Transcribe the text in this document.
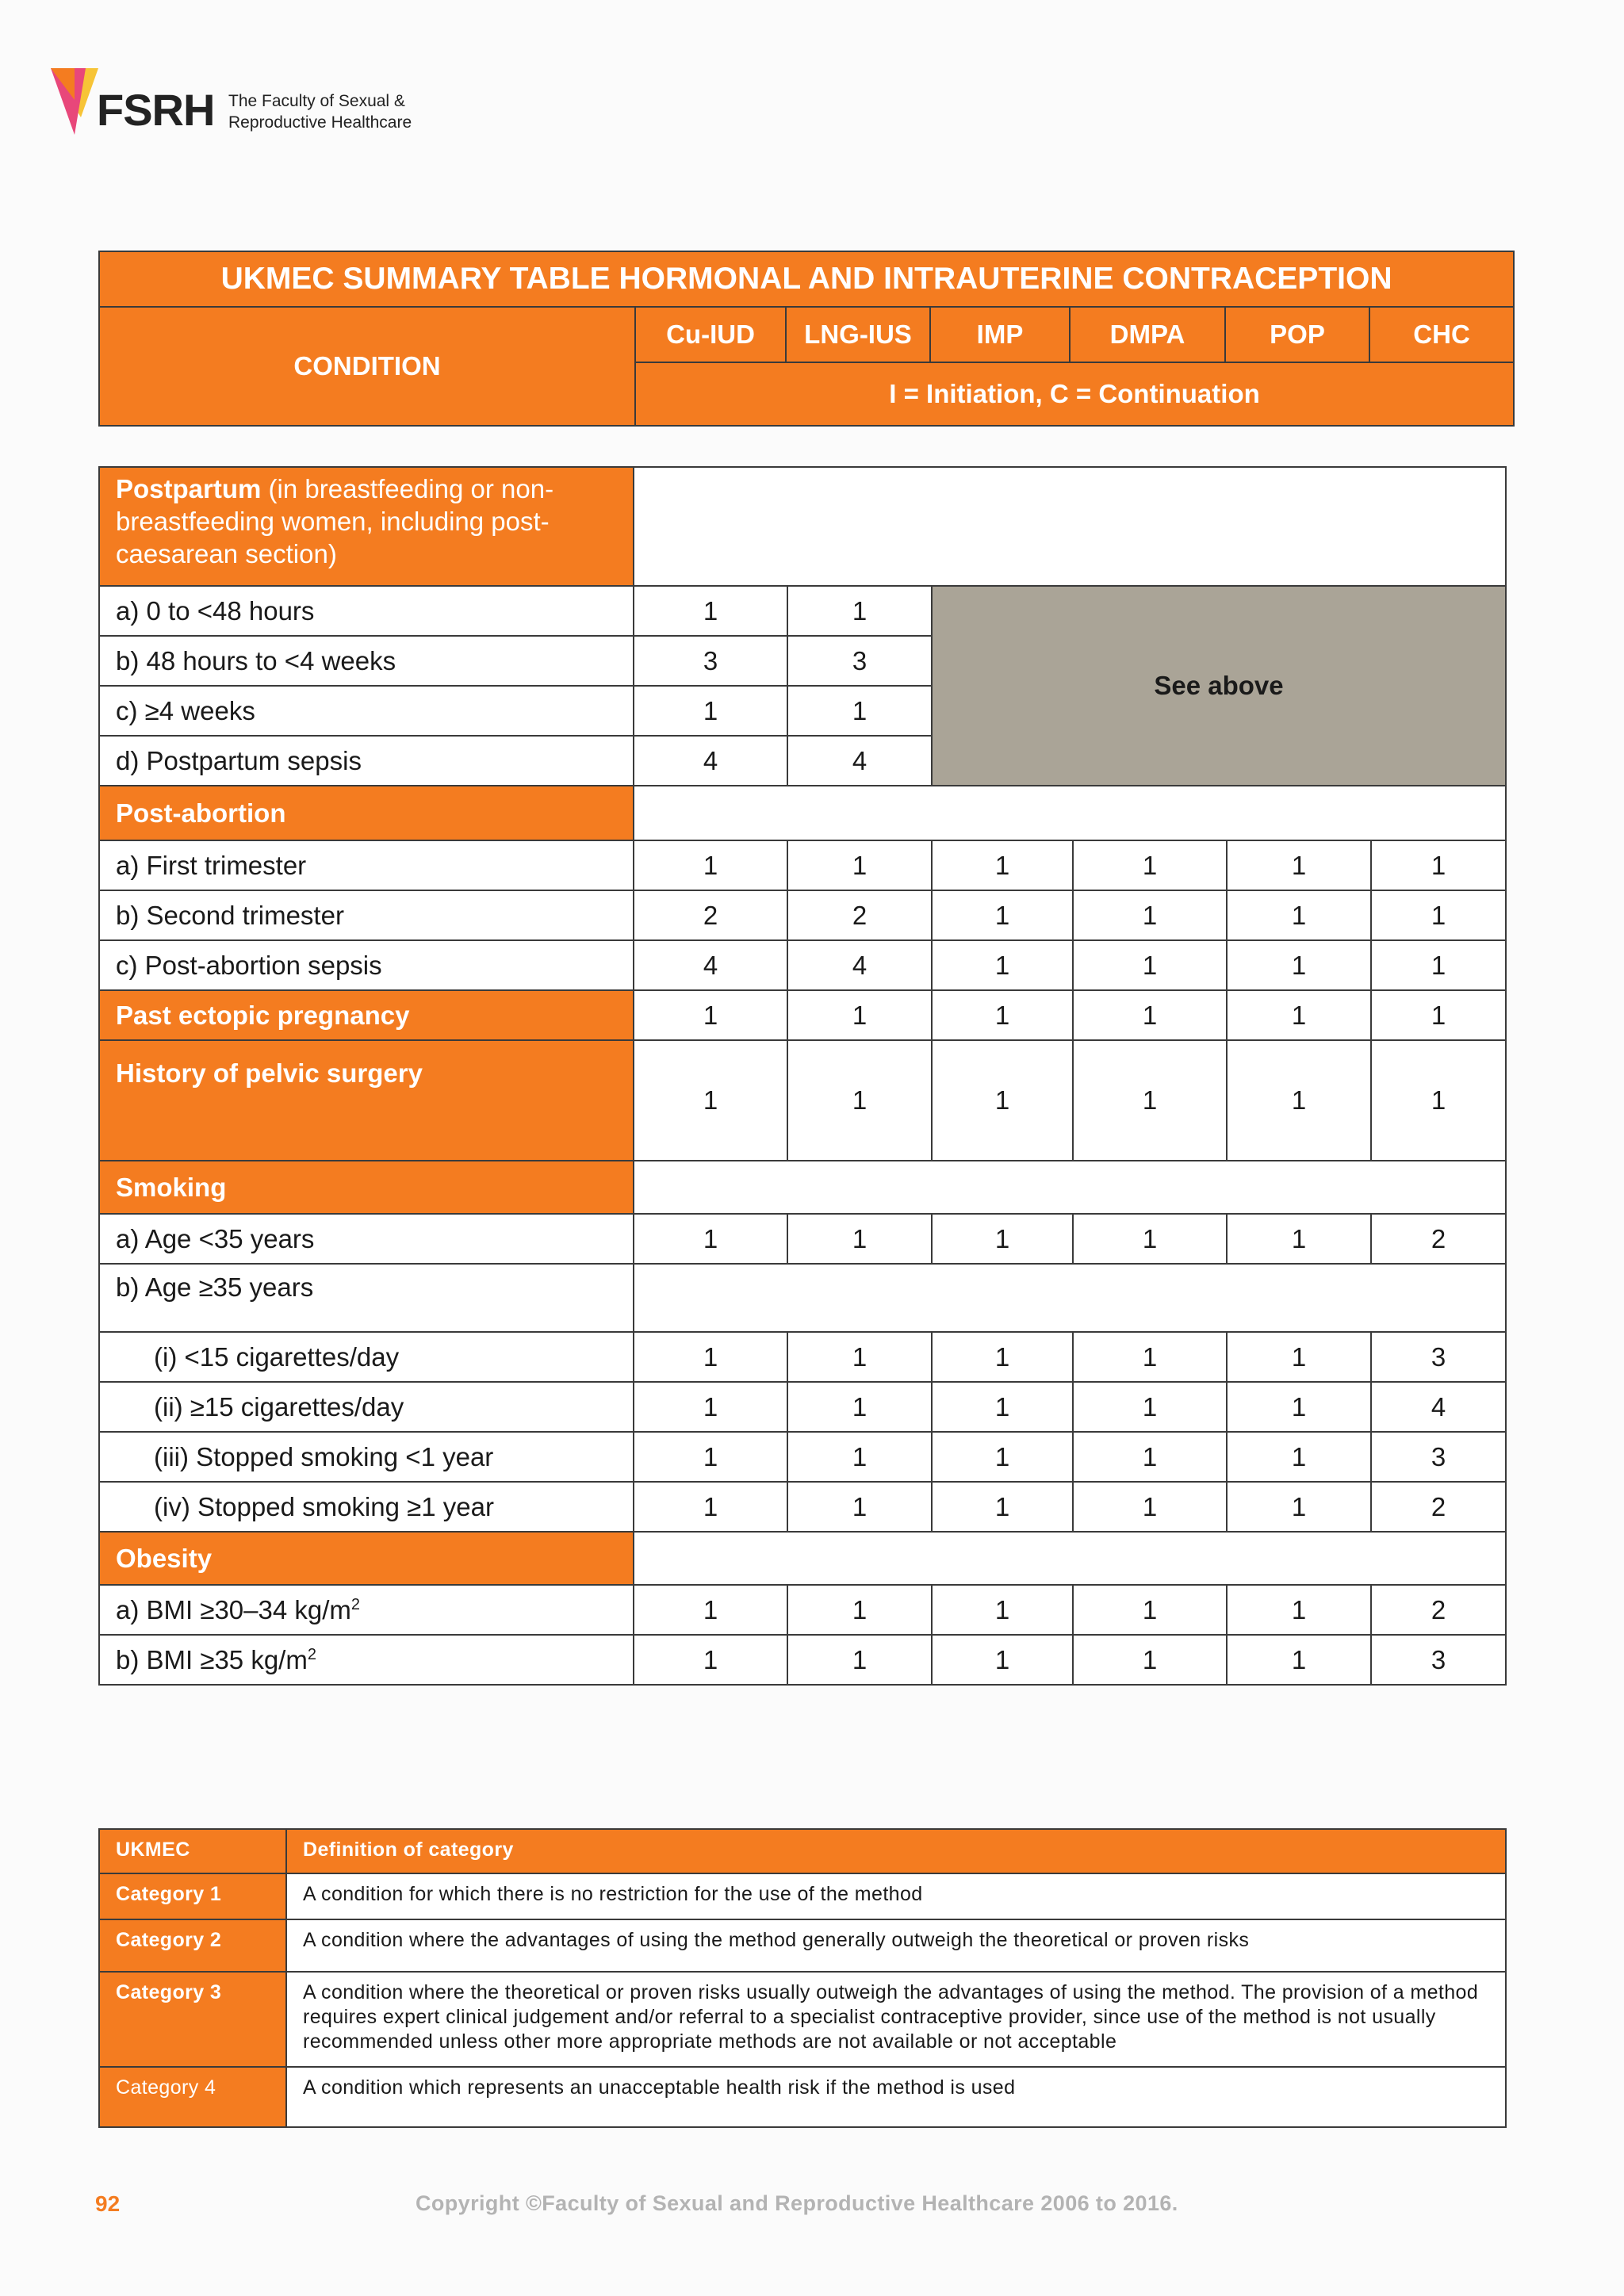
FSRH The Faculty of Sexual &
Reproductive Healthcare
UKMEC SUMMARY TABLE HORMONAL AND INTRAUTERINE CONTRACEPTION
CONDITION	Cu-IUD	LNG-IUS	IMP	DMPA	POP	CHC
I = Initiation, C = Continuation
Postpartum (in breastfeeding or non-breastfeeding women, including post-caesarean section)						
a) 0 to <48 hours	1	1	See above			
b) 48 hours to <4 weeks	3	3				
c) ≥4 weeks	1	1				
d) Postpartum sepsis	4	4				
Post-abortion						
a) First trimester	1	1	1	1	1	1
b) Second trimester	2	2	1	1	1	1
c) Post-abortion sepsis	4	4	1	1	1	1
Past ectopic pregnancy	1	1	1	1	1	1
History of pelvic surgery	1	1	1	1	1	1
Smoking						
a) Age <35 years	1	1	1	1	1	2
b) Age ≥35 years						
(i) <15 cigarettes/day	1	1	1	1	1	3
(ii) ≥15 cigarettes/day	1	1	1	1	1	4
(iii) Stopped smoking <1 year	1	1	1	1	1	3
(iv) Stopped smoking ≥1 year	1	1	1	1	1	2
Obesity						
a) BMI ≥30–34 $kg/m^2$	1	1	1	1	1	2
b) BMI ≥35 $kg/m^2$	1	1	1	1	1	3
UKMEC	Definition of category
Category 1	A condition for which there is no restriction for the use of the method
Category 2	A condition where the advantages of using the method generally outweigh the theoretical or proven risks
Category 3	A condition where the theoretical or proven risks usually outweigh the advantages of using the method. The provision of a method requires expert clinical judgement and/or referral to a specialist contraceptive provider, since use of the method is not usually recommended unless other more appropriate methods are not available or not acceptable
Category 4	A condition which represents an unacceptable health risk if the method is used
92	Copyright ©Faculty of Sexual and Reproductive Healthcare 2006 to 2016.
